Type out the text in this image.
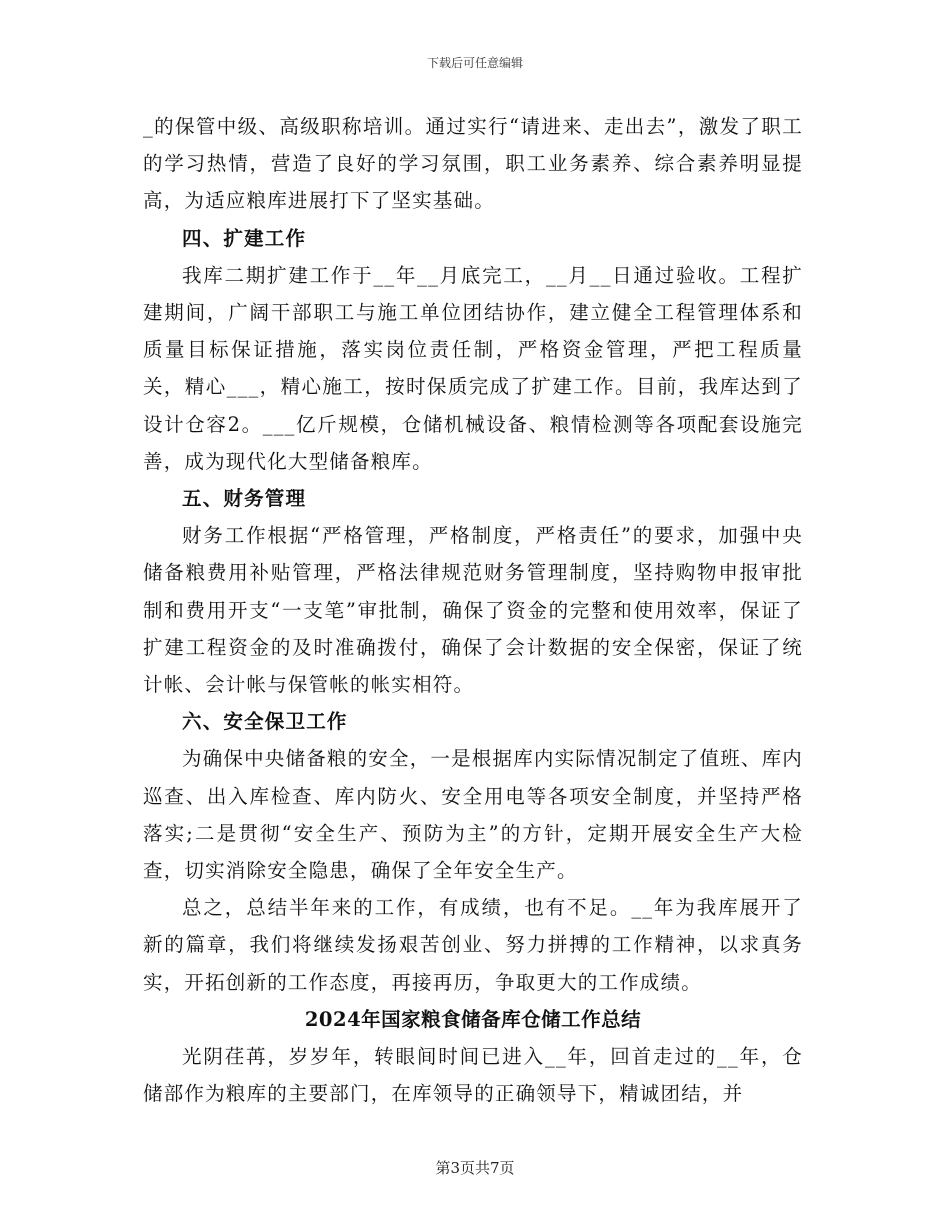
下载后可任意编辑

_的保管中级、高级职称培训。通过实行“请进来、走出去”，激发了职工的学习热情，营造了良好的学习氛围，职工业务素养、综合素养明显提高，为适应粮库进展打下了坚实基础。

四、扩建工作

我库二期扩建工作于__年__月底完工，__月__日通过验收。工程扩建期间，广阔干部职工与施工单位团结协作，建立健全工程管理体系和质量目标保证措施，落实岗位责任制，严格资金管理，严把工程质量关，精心___，精心施工，按时保质完成了扩建工作。目前，我库达到了设计仓容2。___亿斤规模，仓储机械设备、粮情检测等各项配套设施完善，成为现代化大型储备粮库。

五、财务管理

财务工作根据“严格管理，严格制度，严格责任”的要求，加强中央储备粮费用补贴管理，严格法律规范财务管理制度，坚持购物申报审批制和费用开支“一支笔”审批制，确保了资金的完整和使用效率，保证了扩建工程资金的及时准确拨付，确保了会计数据的安全保密，保证了统计帐、会计帐与保管帐的帐实相符。

六、安全保卫工作

为确保中央储备粮的安全，一是根据库内实际情况制定了值班、库内巡查、出入库检查、库内防火、安全用电等各项安全制度，并坚持严格落实;二是贯彻“安全生产、预防为主”的方针，定期开展安全生产大检查，切实消除安全隐患，确保了全年安全生产。

总之，总结半年来的工作，有成绩，也有不足。__年为我库展开了新的篇章，我们将继续发扬艰苦创业、努力拼搏的工作精神，以求真务实，开拓创新的工作态度，再接再历，争取更大的工作成绩。

2024年国家粮食储备库仓储工作总结

光阴荏苒，岁岁年，转眼间时间已进入__年，回首走过的__年，仓储部作为粮库的主要部门，在库领导的正确领导下，精诚团结，并

第3页共7页
